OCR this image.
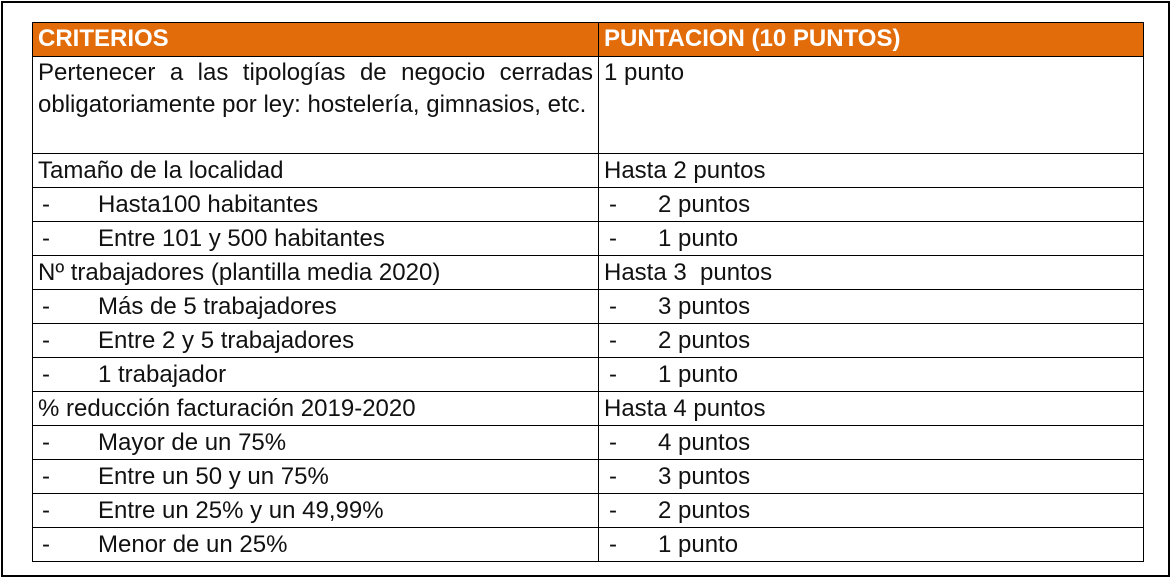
CRITERIOS	PUNTACION (10 PUNTOS)
Pertenecer a las tipologías de negocio cerradas obligatoriamente por ley: hostelería, gimnasios, etc.	1 punto
Tamaño de la localidad	Hasta 2 puntos
- Hasta100 habitantes	- 2 puntos
- Entre 101 y 500 habitantes	- 1 punto
Nº trabajadores (plantilla media 2020)	Hasta 3  puntos
- Más de 5 trabajadores	- 3 puntos
- Entre 2 y 5 trabajadores	- 2 puntos
- 1 trabajador	- 1 punto
% reducción facturación 2019-2020	Hasta 4 puntos
- Mayor de un 75%	- 4 puntos
- Entre un 50 y un 75%	- 3 puntos
- Entre un 25% y un 49,99%	- 2 puntos
- Menor de un 25%	- 1 punto
